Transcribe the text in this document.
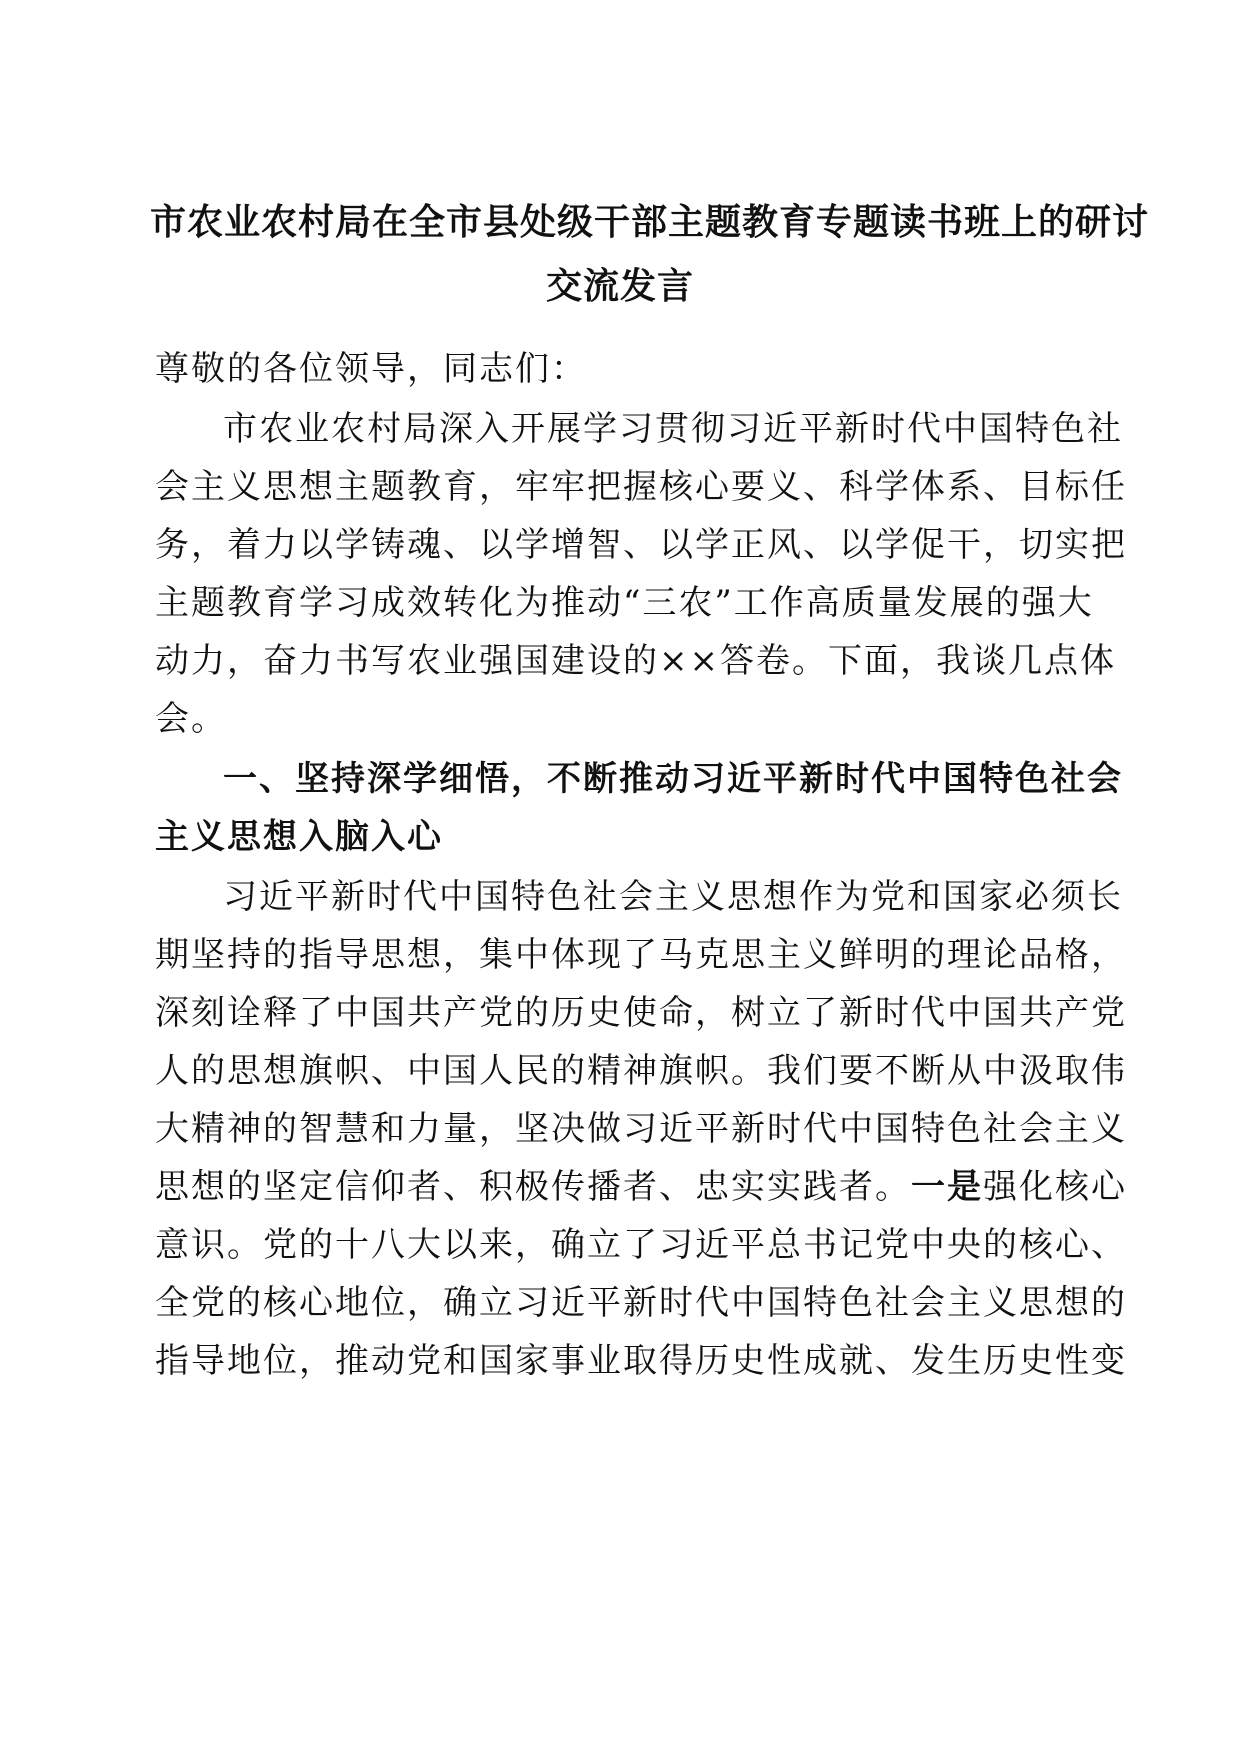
市农业农村局在全市县处级干部主题教育专题读书班上的研讨
交流发言

尊敬的各位领导，同志们：

市农业农村局深入开展学习贯彻习近平新时代中国特色社

会主义思想主题教育，牢牢把握核心要义、科学体系、目标任

务，着力以学铸魂、以学增智、以学正风、以学促干，切实把

主题教育学习成效转化为推动“三农”工作高质量发展的强大

动力，奋力书写农业强国建设的××答卷。下面，我谈几点体

会。

一、坚持深学细悟，不断推动习近平新时代中国特色社会

主义思想入脑入心

习近平新时代中国特色社会主义思想作为党和国家必须长

期坚持的指导思想，集中体现了马克思主义鲜明的理论品格，

深刻诠释了中国共产党的历史使命，树立了新时代中国共产党

人的思想旗帜、中国人民的精神旗帜。我们要不断从中汲取伟

大精神的智慧和力量，坚决做习近平新时代中国特色社会主义

思想的坚定信仰者、积极传播者、忠实实践者。一是强化核心

意识。党的十八大以来，确立了习近平总书记党中央的核心、

全党的核心地位，确立习近平新时代中国特色社会主义思想的

指导地位，推动党和国家事业取得历史性成就、发生历史性变
